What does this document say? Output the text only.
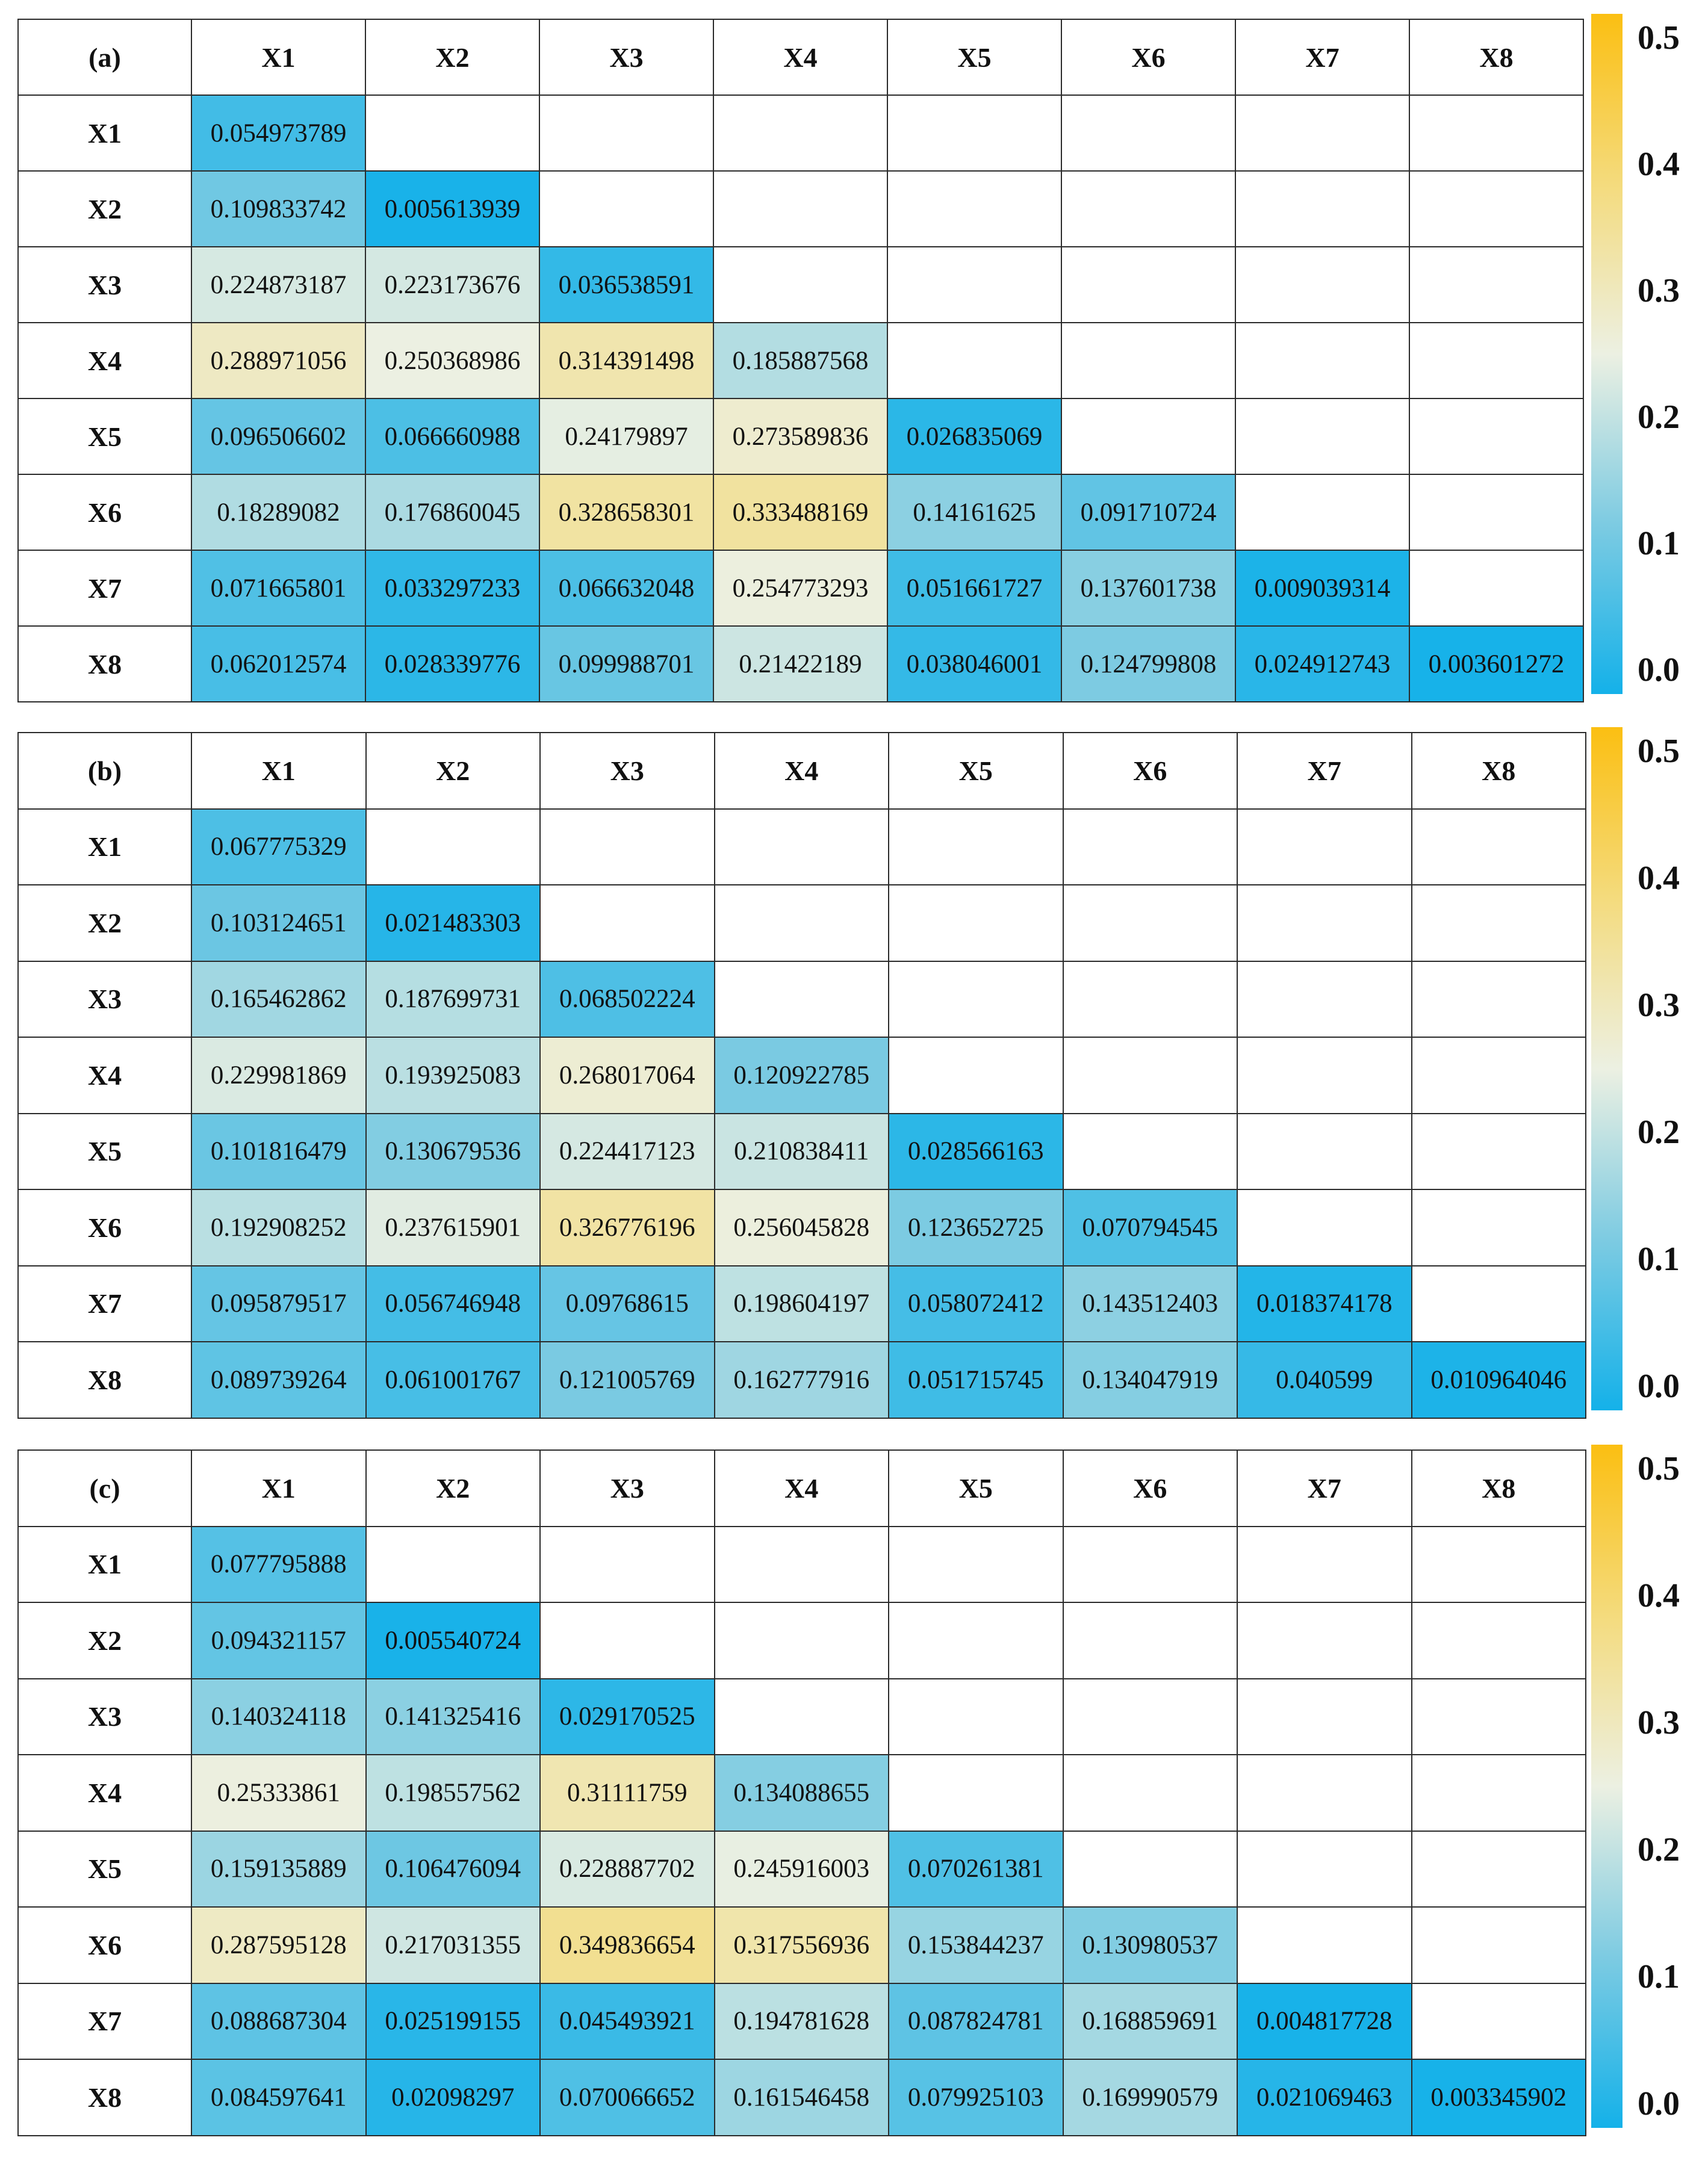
(a)	X1	X2	X3	X4	X5	X6	X7	X8
X1	0.054973789							
X2	0.109833742	0.005613939						
X3	0.224873187	0.223173676	0.036538591					
X4	0.288971056	0.250368986	0.314391498	0.185887568				
X5	0.096506602	0.066660988	0.24179897	0.273589836	0.026835069			
X6	0.18289082	0.176860045	0.328658301	0.333488169	0.14161625	0.091710724		
X7	0.071665801	0.033297233	0.066632048	0.254773293	0.051661727	0.137601738	0.009039314	
X8	0.062012574	0.028339776	0.099988701	0.21422189	0.038046001	0.124799808	0.024912743	0.003601272
0.5
0.4
0.3
0.2
0.1
0.0
(b)	X1	X2	X3	X4	X5	X6	X7	X8
X1	0.067775329							
X2	0.103124651	0.021483303						
X3	0.165462862	0.187699731	0.068502224					
X4	0.229981869	0.193925083	0.268017064	0.120922785				
X5	0.101816479	0.130679536	0.224417123	0.210838411	0.028566163			
X6	0.192908252	0.237615901	0.326776196	0.256045828	0.123652725	0.070794545		
X7	0.095879517	0.056746948	0.09768615	0.198604197	0.058072412	0.143512403	0.018374178	
X8	0.089739264	0.061001767	0.121005769	0.162777916	0.051715745	0.134047919	0.040599	0.010964046
0.5
0.4
0.3
0.2
0.1
0.0
(c)	X1	X2	X3	X4	X5	X6	X7	X8
X1	0.077795888							
X2	0.094321157	0.005540724						
X3	0.140324118	0.141325416	0.029170525					
X4	0.25333861	0.198557562	0.31111759	0.134088655				
X5	0.159135889	0.106476094	0.228887702	0.245916003	0.070261381			
X6	0.287595128	0.217031355	0.349836654	0.317556936	0.153844237	0.130980537		
X7	0.088687304	0.025199155	0.045493921	0.194781628	0.087824781	0.168859691	0.004817728	
X8	0.084597641	0.02098297	0.070066652	0.161546458	0.079925103	0.169990579	0.021069463	0.003345902
0.5
0.4
0.3
0.2
0.1
0.0
